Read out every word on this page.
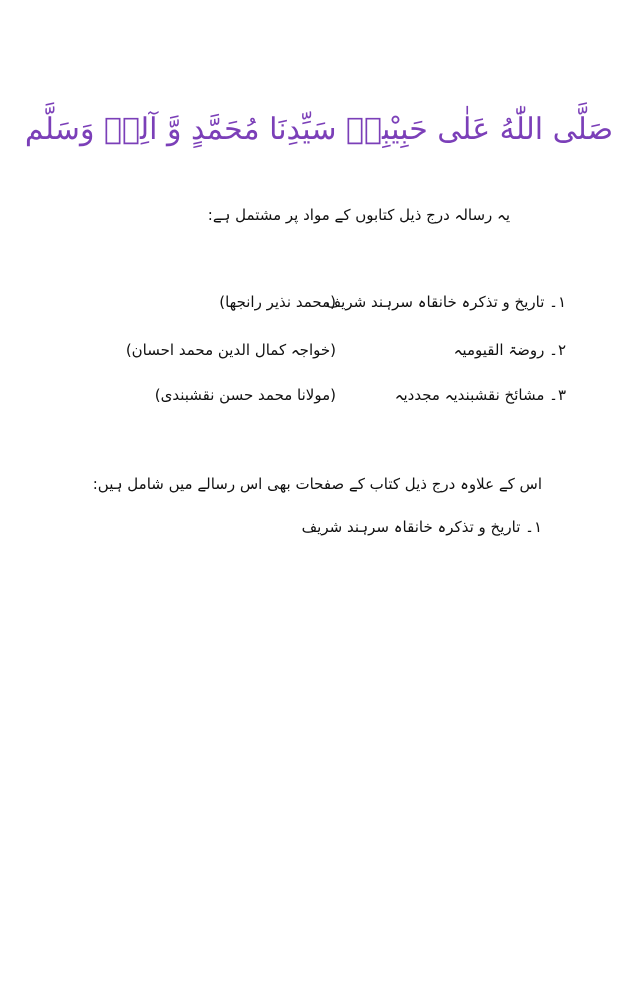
صَلَّى اللّٰهُ عَلٰى حَبِيْبِهٖ سَيِّدِنَا مُحَمَّدٍ وَّ آلِهٖ وَسَلَّم
یہ رسالہ درج ذیل کتابوں کے مواد پر مشتمل ہے:
۱۔ تاریخ و تذکرہ خانقاہ سرہند شریف
(محمد نذیر رانجھا)
۲۔ روضۃ القیومیہ
(خواجہ کمال الدین محمد احسان)
۳۔ مشائخ نقشبندیہ مجددیہ
(مولانا محمد حسن نقشبندی)
اس کے علاوہ درج ذیل کتاب کے صفحات بھی اس رسالے میں شامل ہیں:
۱۔ تاریخ و تذکرہ خانقاہ سرہند شریف
